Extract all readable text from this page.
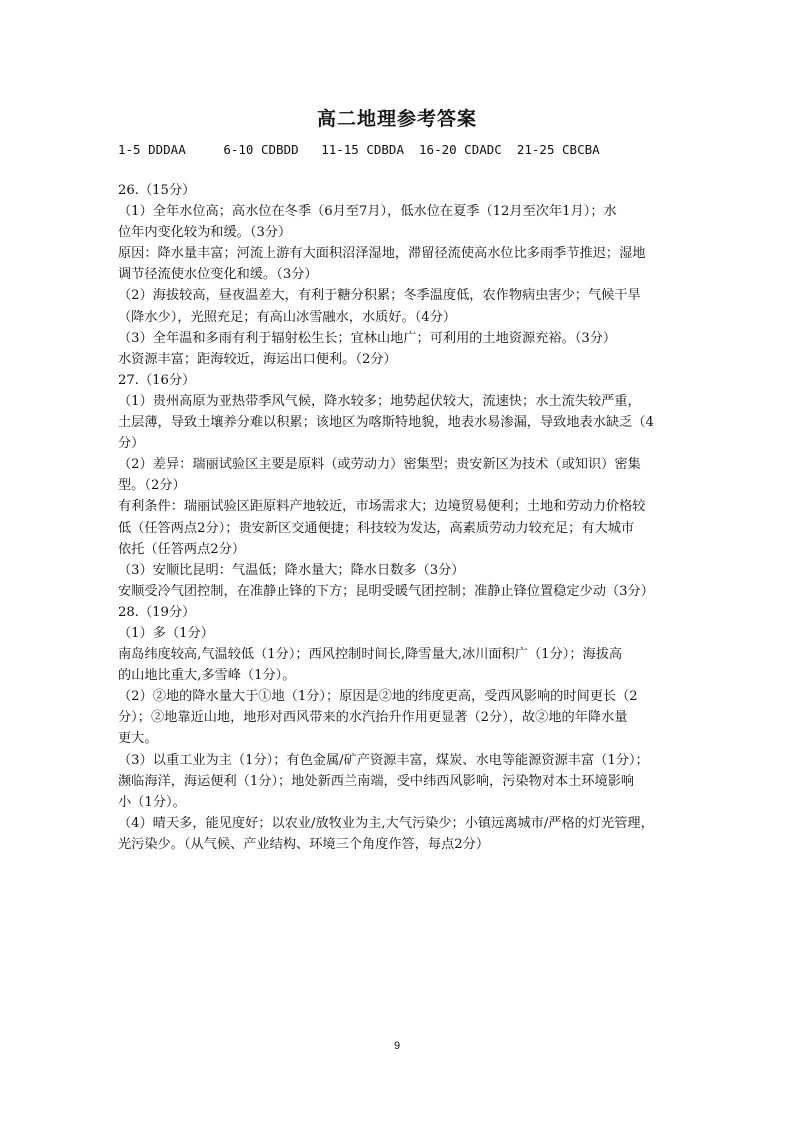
高二地理参考答案
1-5 DDDAA     6-10 CDBDD   11-15 CDBDA  16-20 CDADC  21-25 CBCBA
26.（15分）
（1）全年水位高；高水位在冬季（6月至7月），低水位在夏季（12月至次年1月）；水
位年内变化较为和缓。（3分）
原因：降水量丰富；河流上游有大面积沼泽湿地，滞留径流使高水位比多雨季节推迟；湿地
调节径流使水位变化和缓。（3分）
（2）海拔较高，昼夜温差大，有利于糖分积累；冬季温度低，农作物病虫害少；气候干旱
（降水少），光照充足；有高山冰雪融水，水质好。（4分）
（3）全年温和多雨有利于辐射松生长；宜林山地广；可利用的土地资源充裕。（3分）
水资源丰富；距海较近，海运出口便利。（2分）
27.（16分）
（1）贵州高原为亚热带季风气候，降水较多；地势起伏较大，流速快；水土流失较严重，
土层薄，导致土壤养分难以积累；该地区为喀斯特地貌，地表水易渗漏，导致地表水缺乏（4
分）
（2）差异：瑞丽试验区主要是原料（或劳动力）密集型；贵安新区为技术（或知识）密集
型。（2分）
有利条件：瑞丽试验区距原料产地较近，市场需求大；边境贸易便利；土地和劳动力价格较
低（任答两点2分）；贵安新区交通便捷；科技较为发达，高素质劳动力较充足；有大城市
依托（任答两点2分）
（3）安顺比昆明：气温低；降水量大；降水日数多（3分）
安顺受冷气团控制，在准静止锋的下方；昆明受暖气团控制；准静止锋位置稳定少动（3分）
28.（19分）
（1）多（1分）
南岛纬度较高,气温较低（1分）；西风控制时间长,降雪量大,冰川面积广（1分）；海拔高
的山地比重大,多雪峰（1分）。
（2）②地的降水量大于①地（1分）；原因是②地的纬度更高，受西风影响的时间更长（2
分）；②地靠近山地，地形对西风带来的水汽抬升作用更显著（2分），故②地的年降水量
更大。
（3）以重工业为主（1分）；有色金属/矿产资源丰富，煤炭、水电等能源资源丰富（1分）；
濒临海洋，海运便利（1分）；地处新西兰南端，受中纬西风影响，污染物对本土环境影响
小（1分）。
（4）晴天多，能见度好；以农业/放牧业为主,大气污染少；小镇远离城市/严格的灯光管理，
光污染少。（从气候、产业结构、环境三个角度作答，每点2分）
9
